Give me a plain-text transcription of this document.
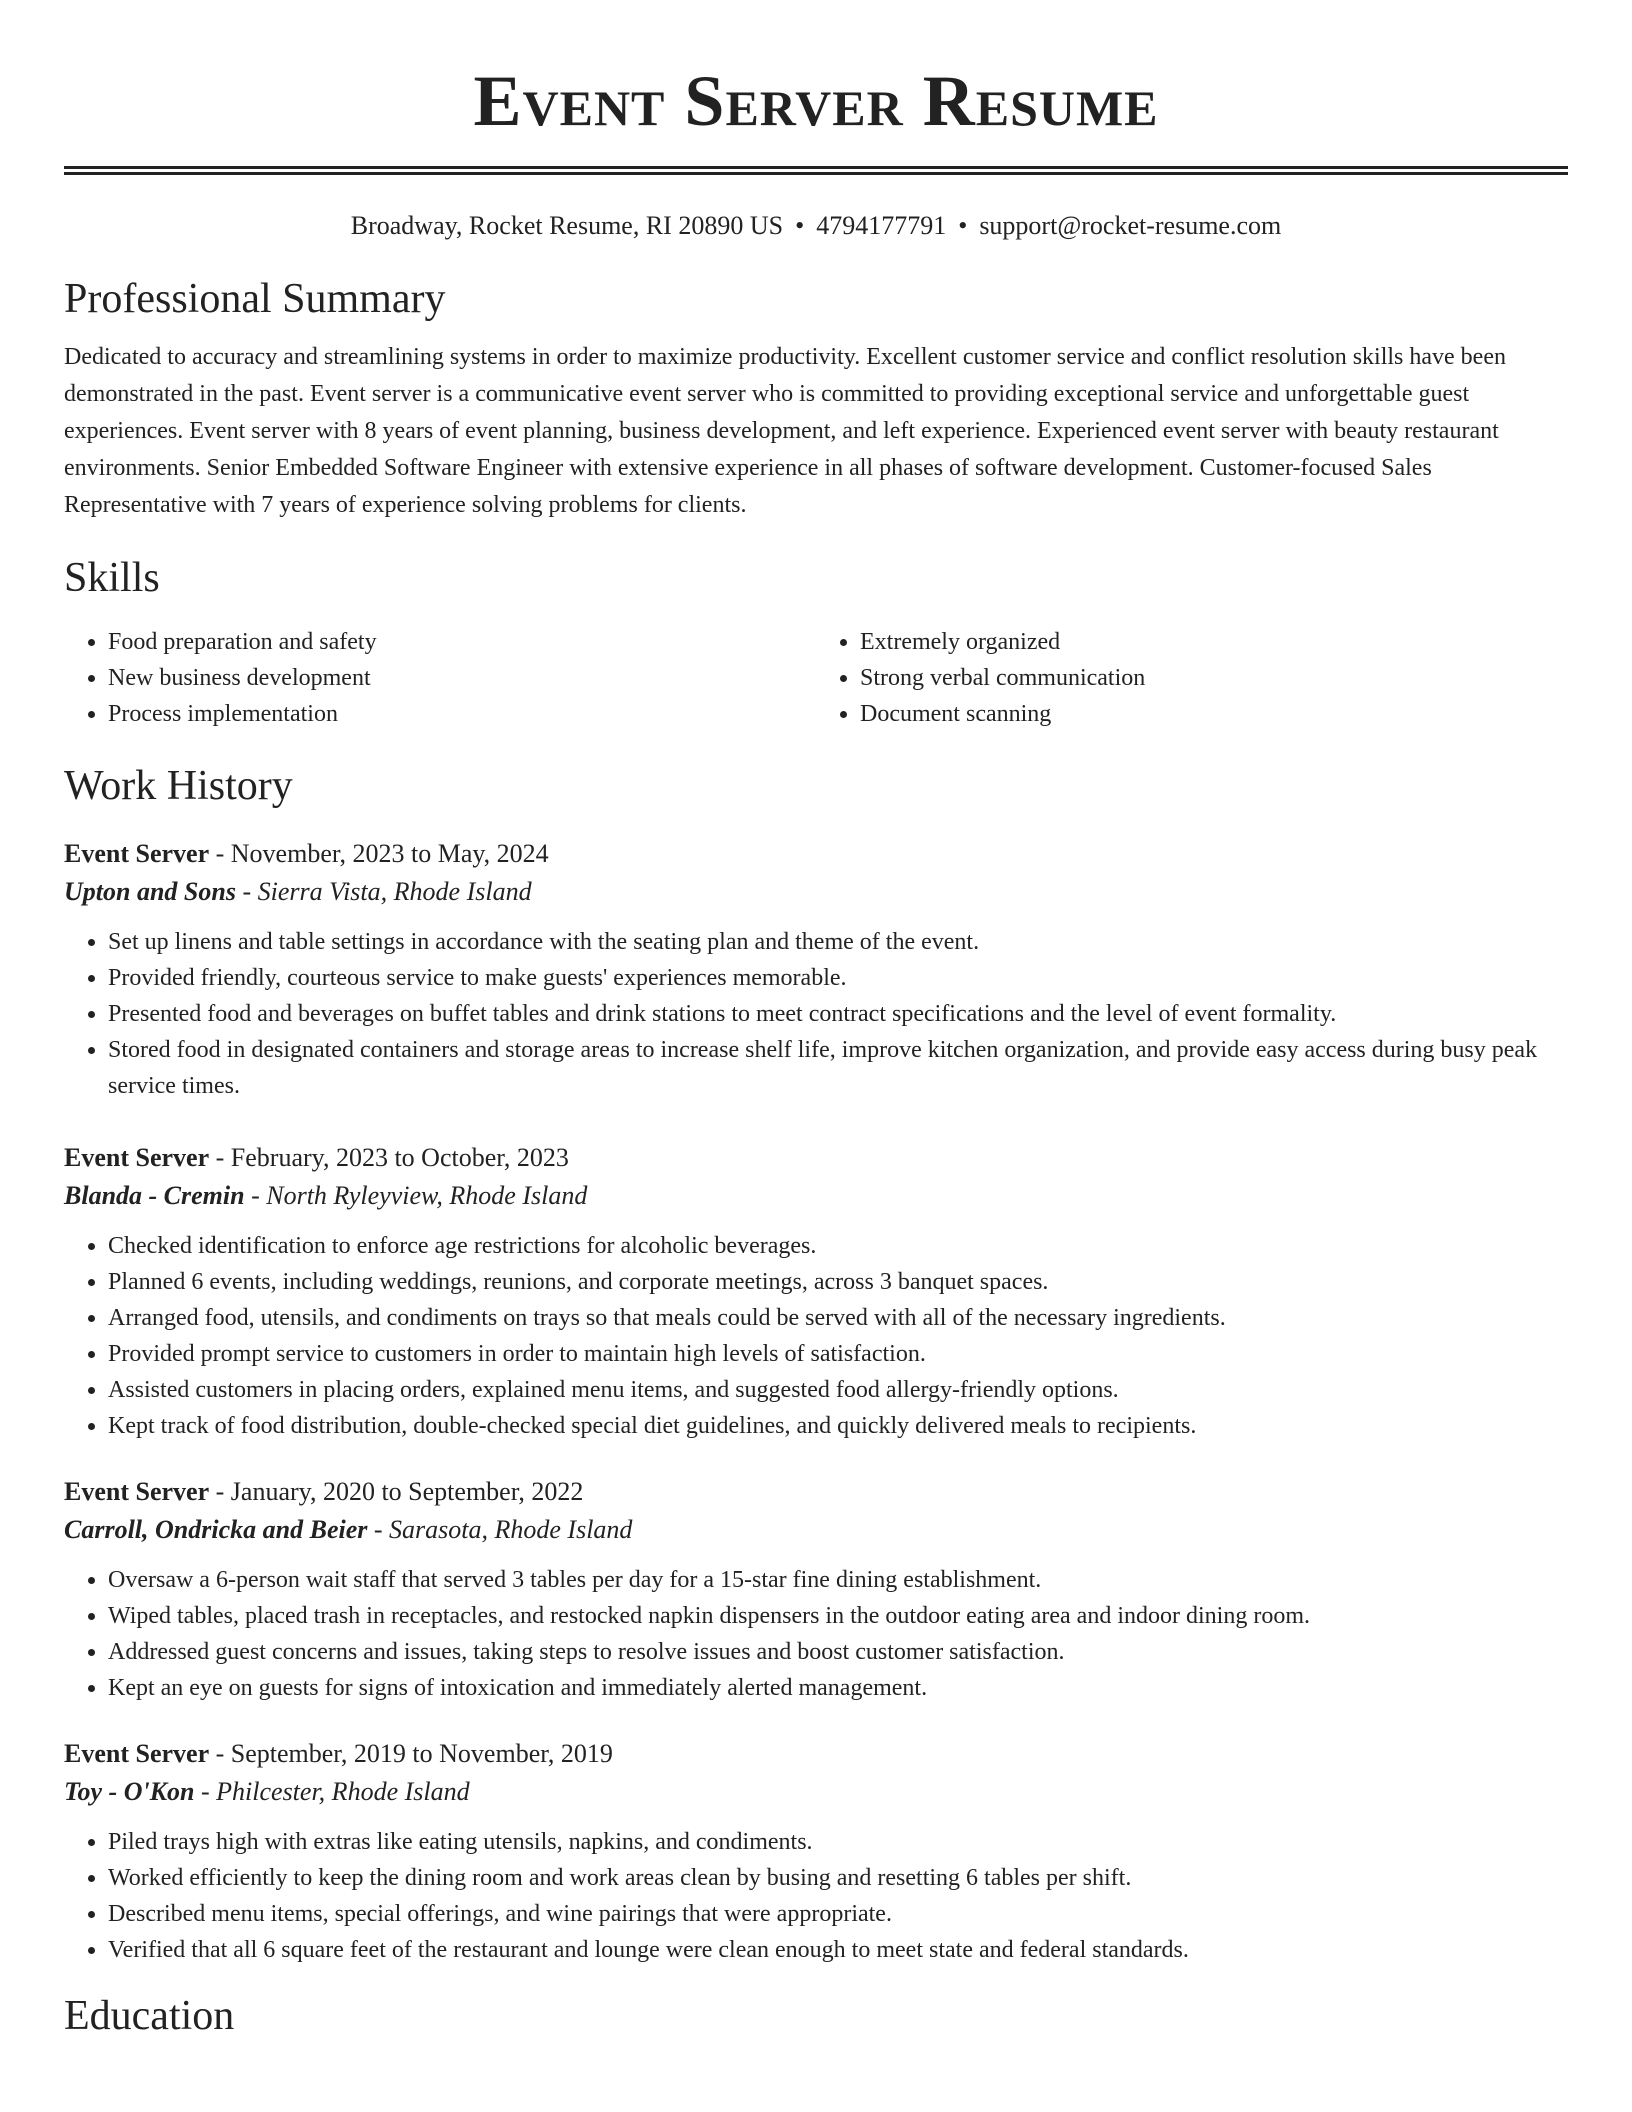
Event Server Resume
Broadway, Rocket Resume, RI 20890 US • 4794177791 • support@rocket-resume.com
Professional Summary

Dedicated to accuracy and streamlining systems in order to maximize productivity. Excellent customer service and conflict resolution skills have been demonstrated in the past. Event server is a communicative event server who is committed to providing exceptional service and unforgettable guest experiences. Event server with 8 years of event planning, business development, and left experience. Experienced event server with beauty restaurant environments. Senior Embedded Software Engineer with extensive experience in all phases of software development. Customer-focused Sales Representative with 7 years of experience solving problems for clients.

Skills
• Food preparation and safety
• New business development
• Process implementation
• Extremely organized
• Strong verbal communication
• Document scanning
Work History
Event Server - November, 2023 to May, 2024
Upton and Sons - Sierra Vista, Rhode Island
• Set up linens and table settings in accordance with the seating plan and theme of the event.
• Provided friendly, courteous service to make guests' experiences memorable.
• Presented food and beverages on buffet tables and drink stations to meet contract specifications and the level of event formality.
• Stored food in designated containers and storage areas to increase shelf life, improve kitchen organization, and provide easy access during busy peak service times.
Event Server - February, 2023 to October, 2023
Blanda - Cremin - North Ryleyview, Rhode Island
• Checked identification to enforce age restrictions for alcoholic beverages.
• Planned 6 events, including weddings, reunions, and corporate meetings, across 3 banquet spaces.
• Arranged food, utensils, and condiments on trays so that meals could be served with all of the necessary ingredients.
• Provided prompt service to customers in order to maintain high levels of satisfaction.
• Assisted customers in placing orders, explained menu items, and suggested food allergy-friendly options.
• Kept track of food distribution, double-checked special diet guidelines, and quickly delivered meals to recipients.
Event Server - January, 2020 to September, 2022
Carroll, Ondricka and Beier - Sarasota, Rhode Island
• Oversaw a 6-person wait staff that served 3 tables per day for a 15-star fine dining establishment.
• Wiped tables, placed trash in receptacles, and restocked napkin dispensers in the outdoor eating area and indoor dining room.
• Addressed guest concerns and issues, taking steps to resolve issues and boost customer satisfaction.
• Kept an eye on guests for signs of intoxication and immediately alerted management.
Event Server - September, 2019 to November, 2019
Toy - O'Kon - Philcester, Rhode Island
• Piled trays high with extras like eating utensils, napkins, and condiments.
• Worked efficiently to keep the dining room and work areas clean by busing and resetting 6 tables per shift.
• Described menu items, special offerings, and wine pairings that were appropriate.
• Verified that all 6 square feet of the restaurant and lounge were clean enough to meet state and federal standards.
Education
